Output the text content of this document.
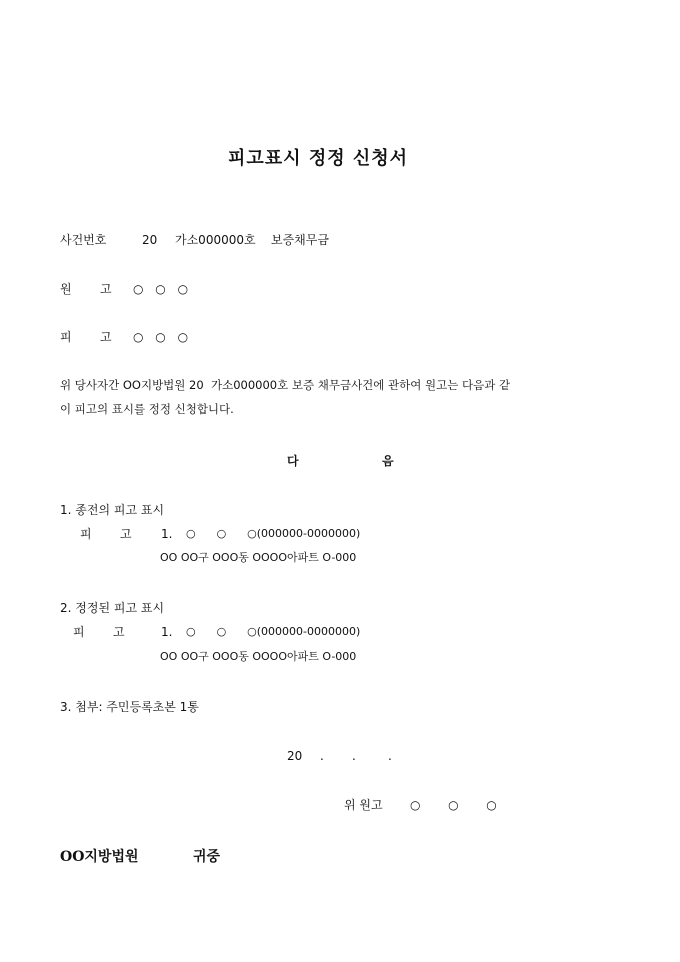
피고표시 정정 신청서
사건번호	20 가소000000호 보증채무금
원 고 ○ ○ ○
피 고 ○ ○ ○
위 당사자간 OO지방법원 20  가소000000호 보증 채무금사건에 관하여 원고는 다음과 같
이 피고의 표시를 정정 신청합니다.
다	음
1. 종전의 피고 표시
피 고 1. ○      ○      ○(000000-0000000)
OO OO구 OOO동 OOOO아파트 O-000
2. 정정된 피고 표시
피 고	1. ○      ○      ○(000000-0000000)
OO OO구 OOO동 OOOO아파트 O-000
3. 첨부: 주민등록초본 1통
20 . .	.
위 원고 ○  ○  ○
OO지방법원	귀중
